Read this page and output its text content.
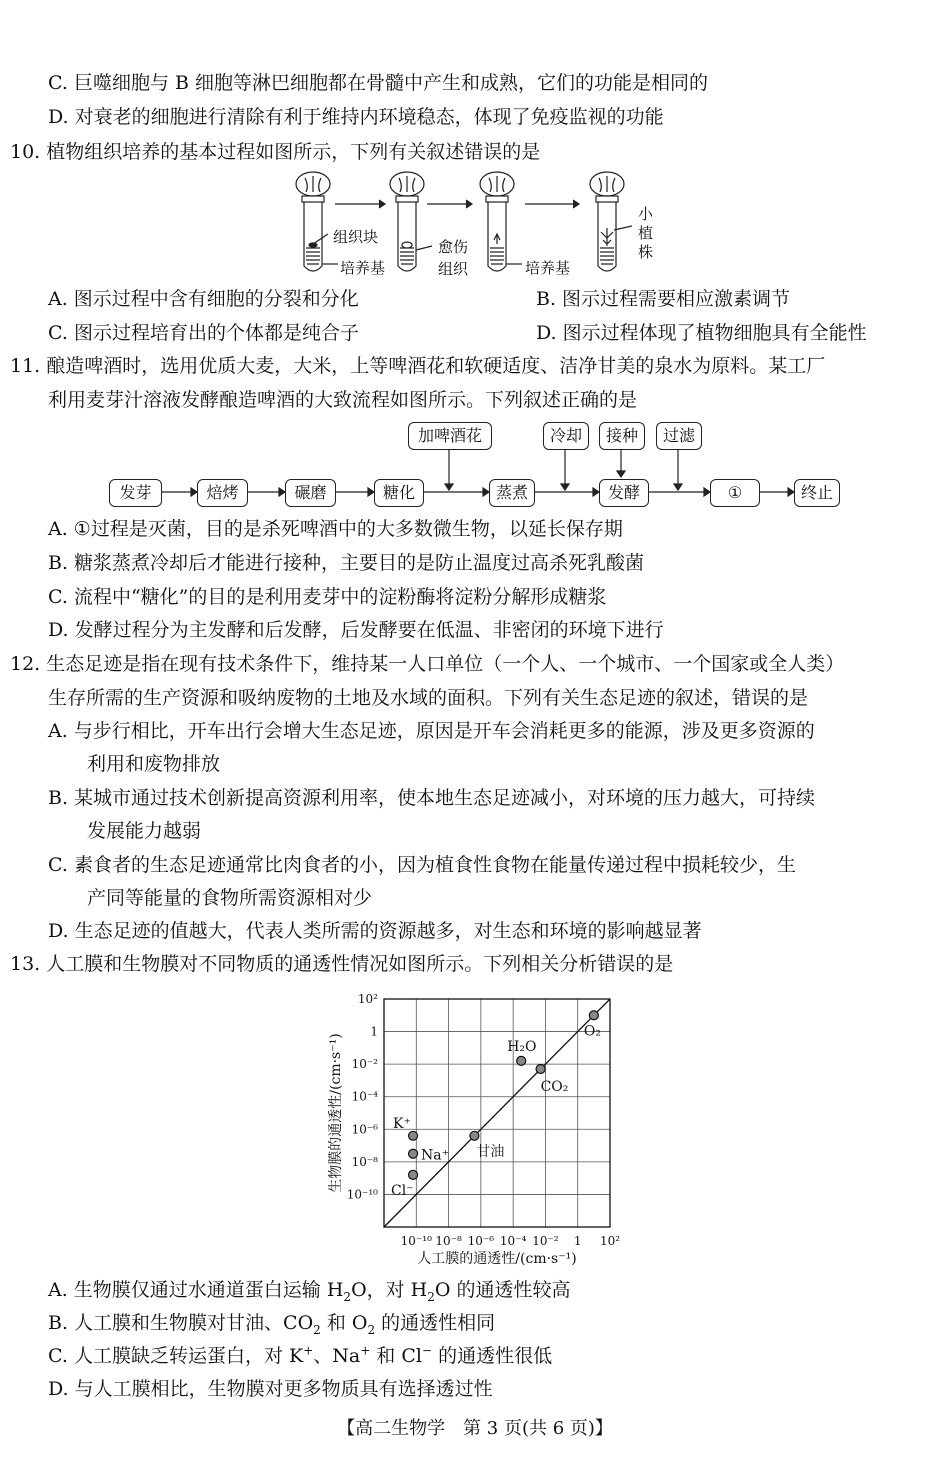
C. 巨噬细胞与 B 细胞等淋巴细胞都在骨髓中产生和成熟，它们的功能是相同的
D. 对衰老的细胞进行清除有利于维持内环境稳态，体现了免疫监视的功能
10. 植物组织培养的基本过程如图所示，下列有关叙述错误的是
组织块
培养基
愈伤
组织	培养基
小
植
株
A. 图示过程中含有细胞的分裂和分化	B. 图示过程需要相应激素调节
C. 图示过程培育出的个体都是纯合子	D. 图示过程体现了植物细胞具有全能性
11. 酿造啤酒时，选用优质大麦，大米，上等啤酒花和软硬适度、洁净甘美的泉水为原料。某工厂
利用麦芽汁溶液发酵酿造啤酒的大致流程如图所示。下列叙述正确的是
发芽	焙烤	碾磨	糖化	蒸煮	发酵	①	终止
加啤酒花	冷却	接种	过滤
A. ①过程是灭菌，目的是杀死啤酒中的大多数微生物，以延长保存期
B. 糖浆蒸煮冷却后才能进行接种，主要目的是防止温度过高杀死乳酸菌
C. 流程中“糖化”的目的是利用麦芽中的淀粉酶将淀粉分解形成糖浆
D. 发酵过程分为主发酵和后发酵，后发酵要在低温、非密闭的环境下进行
12. 生态足迹是指在现有技术条件下，维持某一人口单位（一个人、一个城市、一个国家或全人类）
生存所需的生产资源和吸纳废物的土地及水域的面积。下列有关生态足迹的叙述，错误的是
A. 与步行相比，开车出行会增大生态足迹，原因是开车会消耗更多的能源，涉及更多资源的
利用和废物排放
B. 某城市通过技术创新提高资源利用率，使本地生态足迹减小，对环境的压力越大，可持续
发展能力越弱
C. 素食者的生态足迹通常比肉食者的小，因为植食性食物在能量传递过程中损耗较少，生
产同等能量的食物所需资源相对少
D. 生态足迹的值越大，代表人类所需的资源越多，对生态和环境的影响越显著
13. 人工膜和生物膜对不同物质的通透性情况如图所示。下列相关分析错误的是
10⁻¹⁰ 10⁻⁸ 10⁻⁶ 10⁻⁴ 10⁻² 1 10²
10²
1
10⁻²
10⁻⁴
10⁻⁶
10⁻⁸
10⁻¹⁰
人工膜的通透性/(cm·s⁻¹)
生物膜的通透性/(cm·s⁻¹)
O₂
H₂O
CO₂
甘油
K⁺
Na⁺
Cl⁻
A. 生物膜仅通过水通道蛋白运输 $H_2O$，对 $H_2O$ 的通透性较高
B. 人工膜和生物膜对甘油、$CO_2$ 和 $O_2$ 的通透性相同
C. 人工膜缺乏转运蛋白，对 K+、Na+ 和 Cl− 的通透性很低
D. 与人工膜相比，生物膜对更多物质具有选择透过性
【高二生物学　第 3 页(共 6 页)】
